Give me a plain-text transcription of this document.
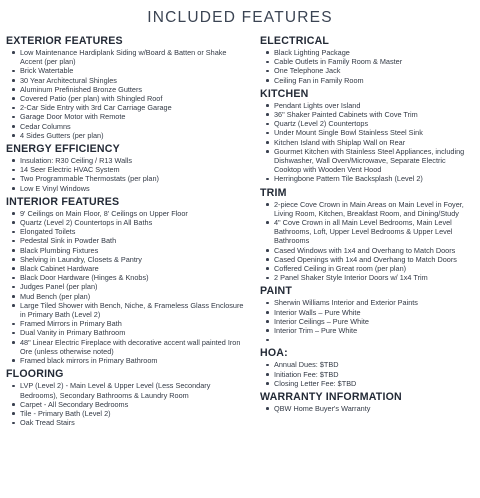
INCLUDED FEATURES
EXTERIOR FEATURES
Low Maintenance Hardiplank Siding w/Board & Batten or Shake Accent (per plan)
Brick Watertable
30 Year Architectural Shingles
Aluminum Prefinished Bronze Gutters
Covered Patio (per plan) with Shingled Roof
2-Car Side Entry with 3rd Car Carriage Garage
Garage Door Motor with Remote
Cedar Columns
4 Sides Gutters (per plan)
ENERGY EFFICIENCY
Insulation: R30 Ceiling / R13 Walls
14 Seer Electric HVAC System
Two Programmable Thermostats (per plan)
Low E Vinyl Windows
INTERIOR FEATURES
9' Ceilings on Main Floor, 8' Ceilings on Upper Floor
Quartz (Level 2) Countertops in All Baths
Elongated Toilets
Pedestal Sink in Powder Bath
Black Plumbing Fixtures
Shelving in Laundry, Closets & Pantry
Black Cabinet Hardware
Black Door Hardware (Hinges & Knobs)
Judges Panel (per plan)
Mud Bench (per plan)
Large Tiled Shower with Bench, Niche, & Frameless Glass Enclosure in Primary Bath (Level 2)
Framed Mirrors in Primary Bath
Dual Vanity in Primary Bathroom
48" Linear Electric Fireplace with decorative accent wall painted Iron Ore (unless otherwise noted)
Framed black mirrors in Primary Bathroom
FLOORING
LVP (Level 2) - Main Level & Upper Level (Less Secondary Bedrooms), Secondary Bathrooms & Laundry Room
Carpet - All Secondary Bedrooms
Tile - Primary Bath (Level 2)
Oak Tread Stairs
ELECTRICAL
Black Lighting Package
Cable Outlets in Family Room & Master
One Telephone Jack
Ceiling Fan in Family Room
KITCHEN
Pendant Lights over Island
36" Shaker Painted Cabinets with Cove Trim
Quartz (Level 2) Countertops
Under Mount Single Bowl Stainless Steel Sink
Kitchen Island with Shiplap Wall on Rear
Gourmet Kitchen with Stainless Steel Appliances, including Dishwasher, Wall Oven/Microwave, Separate Electric Cooktop with Wooden Vent Hood
Herringbone Pattern Tile Backsplash (Level 2)
TRIM
2-piece Cove Crown in Main Areas on Main Level in Foyer, Living Room, Kitchen, Breakfast Room, and Dining/Study
4" Cove Crown in all Main Level Bedrooms, Main Level Bathrooms, Loft, Upper Level Bedrooms & Upper Level Bathrooms
Cased Windows with 1x4 and Overhang to Match Doors
Cased Openings with 1x4 and Overhang to Match Doors
Coffered Ceiling in Great room (per plan)
2 Panel Shaker Style Interior Doors w/ 1x4 Trim
PAINT
Sherwin Williams Interior and Exterior Paints
Interior Walls – Pure White
Interior Ceilings – Pure White
Interior Trim – Pure White
HOA:
Annual Dues: $TBD
Initiation Fee: $TBD
Closing Letter Fee: $TBD
WARRANTY INFORMATION
QBW Home Buyer's Warranty
